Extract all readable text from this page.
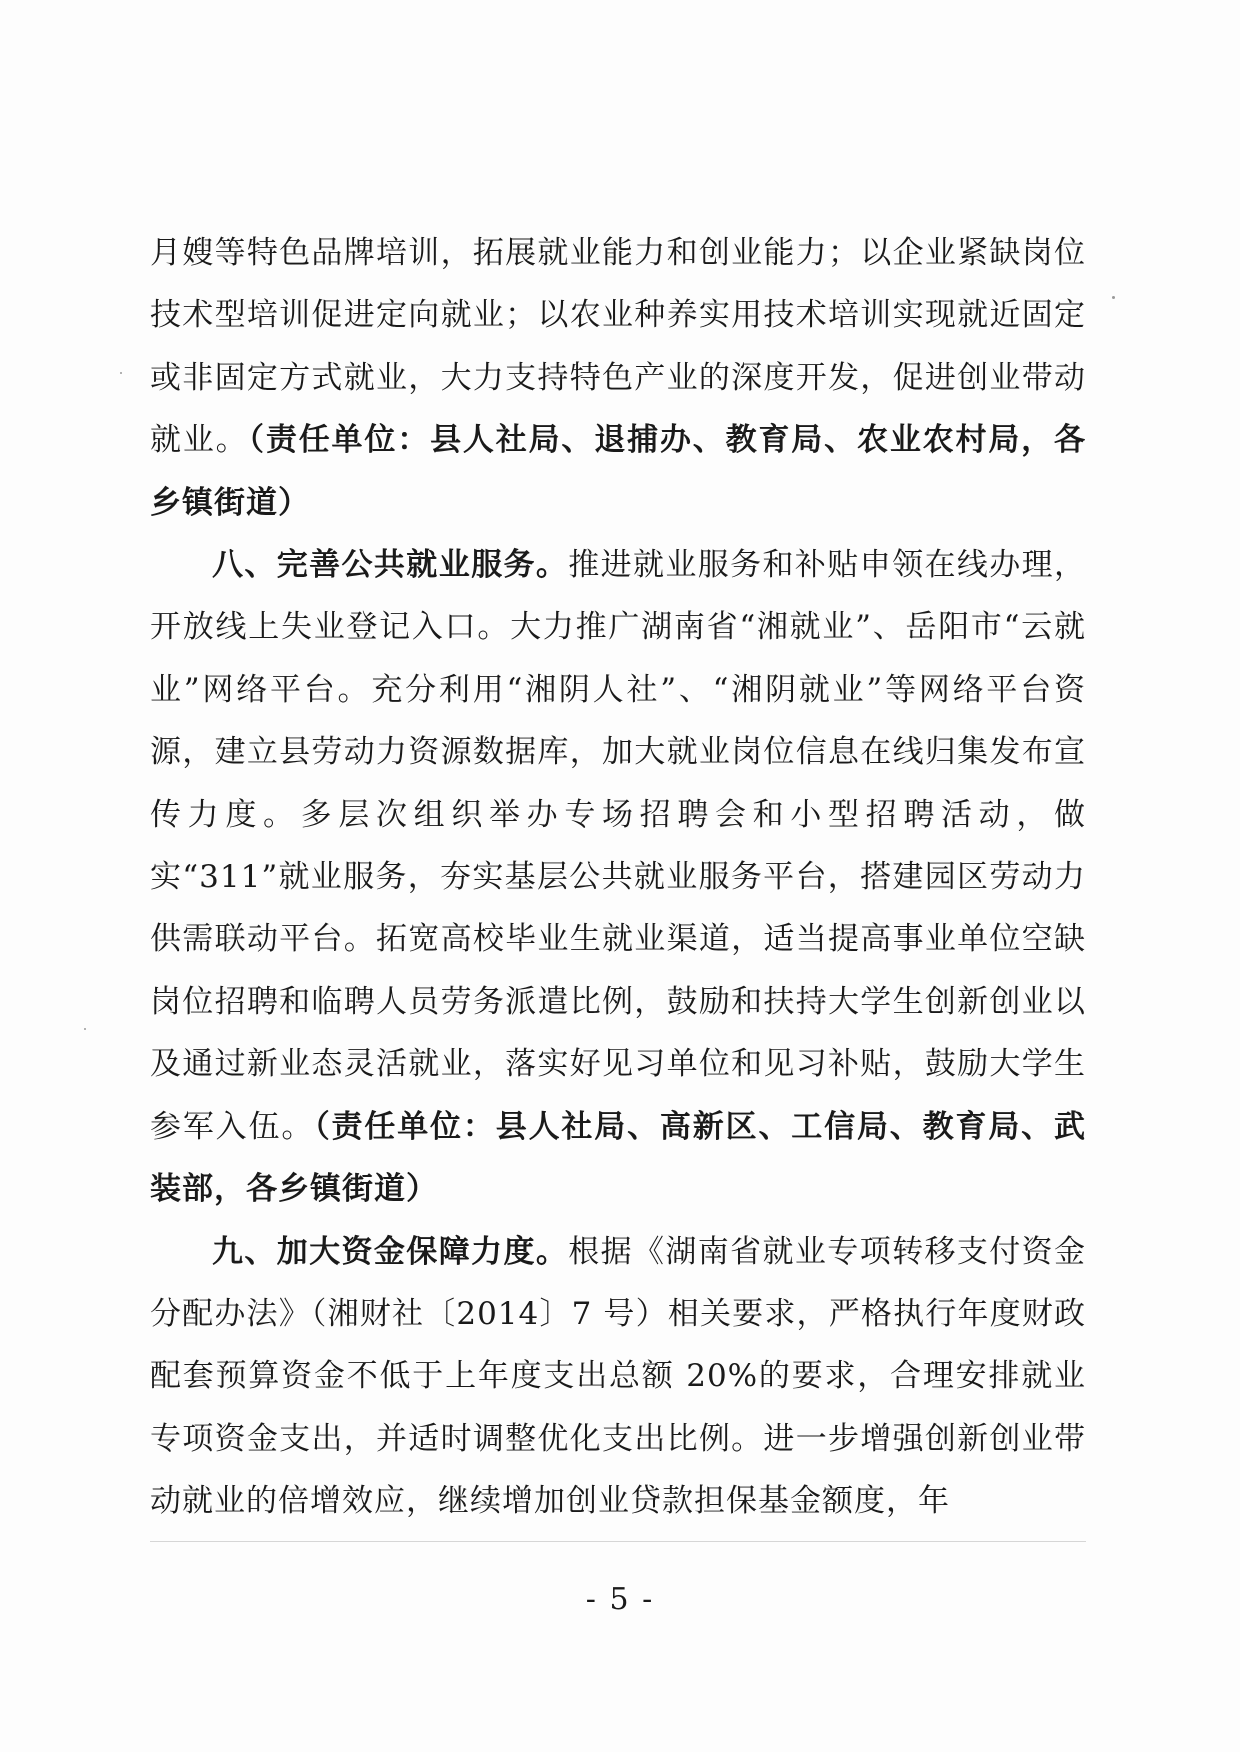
月嫂等特色品牌培训，拓展就业能力和创业能力；以企业紧缺岗位技术型培训促进定向就业；以农业种养实用技术培训实现就近固定或非固定方式就业，大力支持特色产业的深度开发，促进创业带动就业。（责任单位：县人社局、退捕办、教育局、农业农村局，各乡镇街道）

八、完善公共就业服务。推进就业服务和补贴申领在线办理，开放线上失业登记入口。大力推广湖南省“湘就业”、岳阳市“云就业”网络平台。充分利用“湘阴人社”、“湘阴就业”等网络平台资源，建立县劳动力资源数据库，加大就业岗位信息在线归集发布宣传力度。多层次组织举办专场招聘会和小型招聘活动，做实“311”就业服务，夯实基层公共就业服务平台，搭建园区劳动力供需联动平台。拓宽高校毕业生就业渠道，适当提高事业单位空缺岗位招聘和临聘人员劳务派遣比例，鼓励和扶持大学生创新创业以及通过新业态灵活就业，落实好见习单位和见习补贴，鼓励大学生参军入伍。（责任单位：县人社局、高新区、工信局、教育局、武装部，各乡镇街道）

九、加大资金保障力度。根据《湖南省就业专项转移支付资金分配办法》（湘财社〔2014〕7 号）相关要求，严格执行年度财政配套预算资金不低于上年度支出总额 20%的要求，合理安排就业专项资金支出，并适时调整优化支出比例。进一步增强创新创业带动就业的倍增效应，继续增加创业贷款担保基金额度，年

- 5 -
